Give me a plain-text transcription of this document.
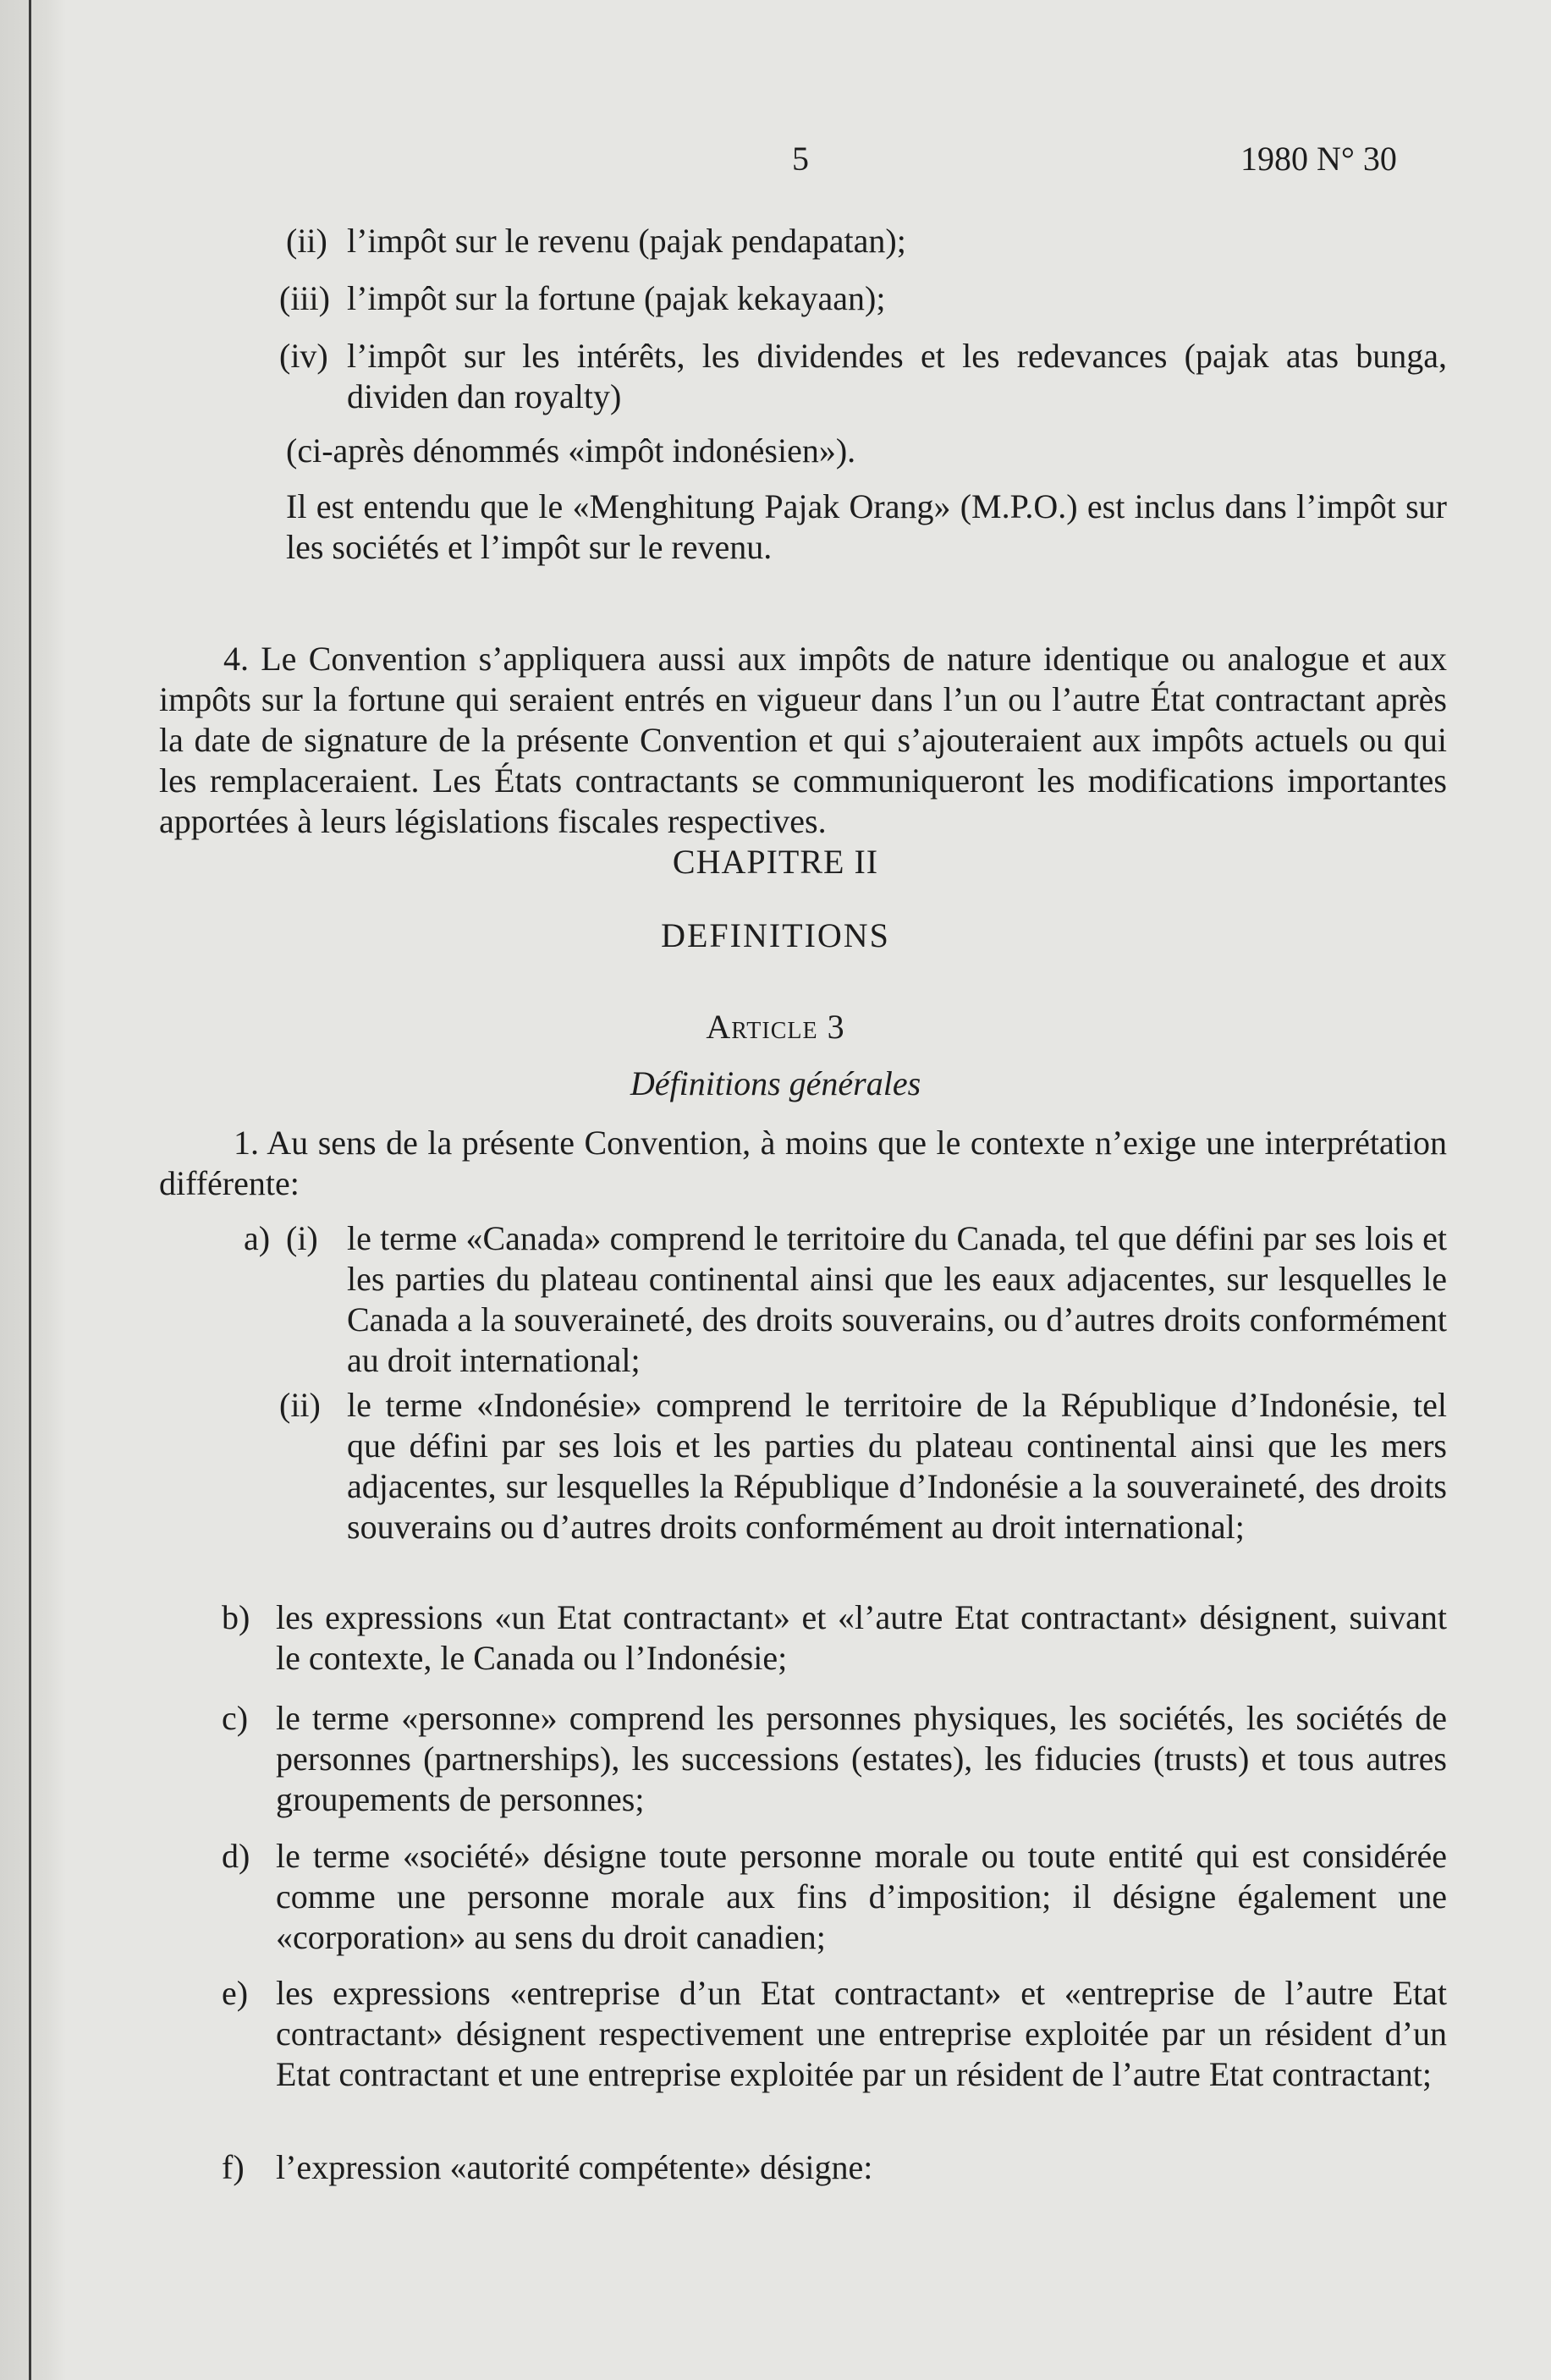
5	1980 N° 30
(ii) l’impôt sur le revenu (pajak pendapatan);
(iii) l’impôt sur la fortune (pajak kekayaan);
(iv) l’impôt sur les intérêts, les dividendes et les redevances (pajak atas bunga, dividen dan royalty)
(ci-après dénommés «impôt indonésien»).
Il est entendu que le «Menghitung Pajak Orang» (M.P.O.) est inclus dans l’impôt sur les sociétés et l’impôt sur le revenu.
4. Le Convention s’appliquera aussi aux impôts de nature identique ou analogue et aux impôts sur la fortune qui seraient entrés en vigueur dans l’un ou l’autre État contractant après la date de signature de la présente Convention et qui s’ajouteraient aux impôts actuels ou qui les remplaceraient. Les États contractants se communiqueront les modifications importantes apportées à leurs législations fiscales respectives.
CHAPITRE II
DEFINITIONS
Article 3
Définitions générales
1. Au sens de la présente Convention, à moins que le contexte n’exige une interprétation différente:
a) (i) le terme «Canada» comprend le territoire du Canada, tel que défini par ses lois et les parties du plateau continental ainsi que les eaux adjacentes, sur lesquelles le Canada a la souveraineté, des droits souverains, ou d’autres droits conformément au droit international;
(ii) le terme «Indonésie» comprend le territoire de la République d’Indonésie, tel que défini par ses lois et les parties du plateau continental ainsi que les mers adjacentes, sur lesquelles la République d’Indonésie a la souveraineté, des droits souverains ou d’autres droits conformément au droit international;
b) les expressions «un Etat contractant» et «l’autre Etat contractant» désignent, suivant le contexte, le Canada ou l’Indonésie;
c) le terme «personne» comprend les personnes physiques, les sociétés, les sociétés de personnes (partnerships), les successions (estates), les fiducies (trusts) et tous autres groupements de personnes;
d) le terme «société» désigne toute personne morale ou toute entité qui est considérée comme une personne morale aux fins d’imposition; il désigne également une «corporation» au sens du droit canadien;
e) les expressions «entreprise d’un Etat contractant» et «entreprise de l’autre Etat contractant» désignent respectivement une entreprise exploitée par un résident d’un Etat contractant et une entreprise exploitée par un résident de l’autre Etat contractant;
f) l’expression «autorité compétente» désigne:
